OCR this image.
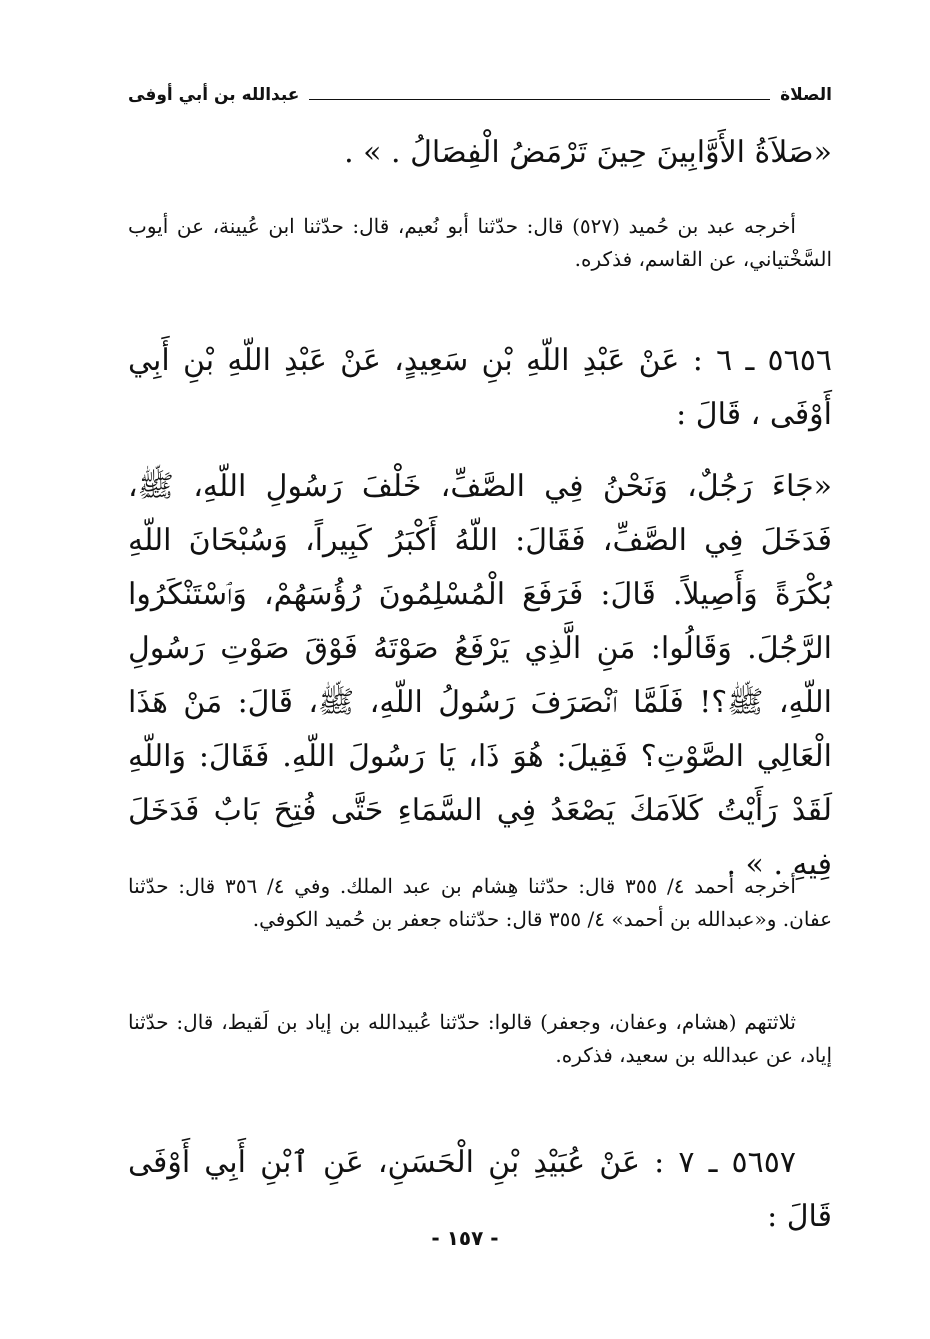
الصلاة
عبدالله بن أبي أوفى
«صَلاَةُ الأَوَّابِينَ حِينَ تَرْمَضُ الْفِصَالُ . » .
أخرجه عبد بن حُميد (٥٢٧) قال: حدّثنا أبو نُعيم، قال: حدّثنا ابن عُيينة، عن أيوب السَّخْتياني، عن القاسم، فذكره.
٥٦٥٦ ـ ٦ : عَنْ عَبْدِ اللّهِ بْنِ سَعِيدٍ، عَنْ عَبْدِ اللّهِ بْنِ أَبِي أَوْفَى ، قَالَ :
«جَاءَ رَجُلٌ، وَنَحْنُ فِي الصَّفِّ، خَلْفَ رَسُولِ اللّهِ، ﷺ، فَدَخَلَ فِي الصَّفِّ، فَقَالَ: اللّهُ أَكْبَرُ كَبِيراً، وَسُبْحَانَ اللّهِ بُكْرَةً وَأَصِيلاً. قَالَ: فَرَفَعَ الْمُسْلِمُونَ رُؤُسَهُمْ، وَٱسْتَنْكَرُوا الرَّجُلَ. وَقَالُوا: مَنِ الَّذِي يَرْفَعُ صَوْتَهُ فَوْقَ صَوْتِ رَسُولِ اللّهِ، ﷺ؟! فَلَمَّا ٱنْصَرَفَ رَسُولُ اللّهِ، ﷺ، قَالَ: مَنْ هَذَا الْعَالِي الصَّوْتِ؟ فَقِيلَ: هُوَ ذَا، يَا رَسُولَ اللّهِ. فَقَالَ: وَاللّهِ لَقَدْ رَأَيْتُ كَلاَمَكَ يَصْعَدُ فِي السَّمَاءِ حَتَّى فُتِحَ بَابٌ فَدَخَلَ فِيهِ . » .
أخرجه أحمد ٤/ ٣٥٥ قال: حدّثنا هِشام بن عبد الملك. وفي ٤/ ٣٥٦ قال: حدّثنا عفان. و«عبدالله بن أحمد» ٤/ ٣٥٥ قال: حدّثناه جعفر بن حُميد الكوفي.
ثلاثتهم (هشام، وعفان، وجعفر) قالوا: حدّثنا عُبيدالله بن إياد بن لَقيط، قال: حدّثنا إياد، عن عبدالله بن سعيد، فذكره.
٥٦٥٧ ـ ٧ : عَنْ عُبَيْدِ بْنِ الْحَسَنِ، عَنِ ٱبْنِ أَبِي أَوْفَى قَالَ :
- ١٥٧ -
